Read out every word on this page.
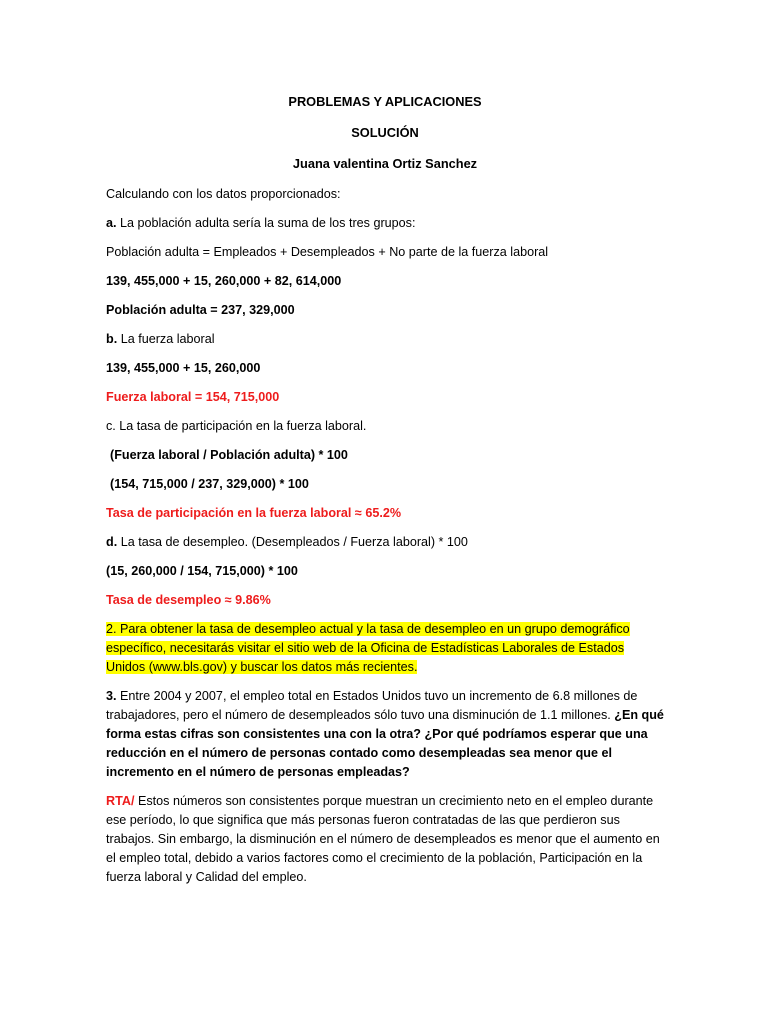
PROBLEMAS Y APLICACIONES
SOLUCIÓN
Juana valentina Ortiz Sanchez

Calculando con los datos proporcionados:

a. La población adulta sería la suma de los tres grupos:

Población adulta = Empleados + Desempleados + No parte de la fuerza laboral

139, 455,000 + 15, 260,000 + 82, 614,000

Población adulta = 237, 329,000

b. La fuerza laboral

139, 455,000 + 15, 260,000

Fuerza laboral = 154, 715,000

c. La tasa de participación en la fuerza laboral.

(Fuerza laboral / Población adulta) * 100

(154, 715,000 / 237, 329,000) * 100

Tasa de participación en la fuerza laboral ≈ 65.2%

d. La tasa de desempleo. (Desempleados / Fuerza laboral) * 100

(15, 260,000 / 154, 715,000) * 100

Tasa de desempleo ≈ 9.86%

2. Para obtener la tasa de desempleo actual y la tasa de desempleo en un grupo demográfico específico, necesitarás visitar el sitio web de la Oficina de Estadísticas Laborales de Estados Unidos (www.bls.gov) y buscar los datos más recientes.

3. Entre 2004 y 2007, el empleo total en Estados Unidos tuvo un incremento de 6.8 millones de trabajadores, pero el número de desempleados sólo tuvo una disminución de 1.1 millones. ¿En qué forma estas cifras son consistentes una con la otra? ¿Por qué podríamos esperar que una reducción en el número de personas contado como desempleadas sea menor que el incremento en el número de personas empleadas?

RTA/ Estos números son consistentes porque muestran un crecimiento neto en el empleo durante ese período, lo que significa que más personas fueron contratadas de las que perdieron sus trabajos. Sin embargo, la disminución en el número de desempleados es menor que el aumento en el empleo total, debido a varios factores como el crecimiento de la población, Participación en la fuerza laboral y Calidad del empleo.
